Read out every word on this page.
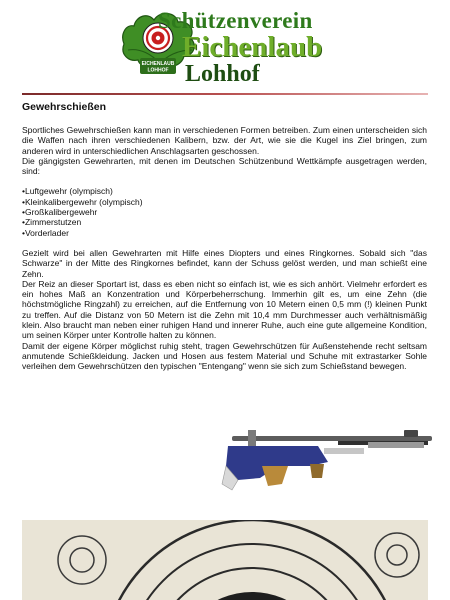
EICHENLAUB
LOHHOF
Schützenverein
Eichenlaub
Lohhof
Gewehrschießen

Sportliches Gewehrschießen kann man in verschiedenen Formen betreiben. Zum einen unterscheiden sich die Waffen nach ihren verschiedenen Kalibern, bzw. der Art, wie sie die Kugel ins Ziel bringen, zum anderen wird in unterschiedlichen Anschlagsarten geschossen.

Die gängigsten Gewehrarten, mit denen im Deutschen Schützenbund Wettkämpfe ausgetragen werden, sind:

• Luftgewehr (olympisch)
• Kleinkalibergewehr (olympisch)
• Großkalibergewehr
• Zimmerstutzen
• Vorderlader

Gezielt wird bei allen Gewehrarten mit Hilfe eines Diopters und eines Ringkornes. Sobald sich "das Schwarze" in der Mitte des Ringkornes befindet, kann der Schuss gelöst werden, und man schießt eine Zehn.

Der Reiz an dieser Sportart ist, dass es eben nicht so einfach ist, wie es sich anhört. Vielmehr erfordert es ein hohes Maß an Konzentration und Körperbeherrschung. Immerhin gilt es, um eine Zehn (die höchstmögliche Ringzahl) zu erreichen, auf die Entfernung von 10 Metern einen 0,5 mm (!) kleinen Punkt zu treffen. Auf die Distanz von 50 Metern ist die Zehn mit 10,4 mm Durchmesser auch verhältnismäßig klein. Also braucht man neben einer ruhigen Hand und innerer Ruhe, auch eine gute allgemeine Kondition, um seinen Körper unter Kontrolle halten zu können.

Damit der eigene Körper möglichst ruhig steht, tragen Gewehrschützen für Außenstehende recht seltsam anmutende Schießkleidung. Jacken und Hosen aus festem Material und Schuhe mit extrastarker Sohle verleihen dem Gewehrschützen den typischen "Entengang" wenn sie sich zum Schießstand bewegen.
